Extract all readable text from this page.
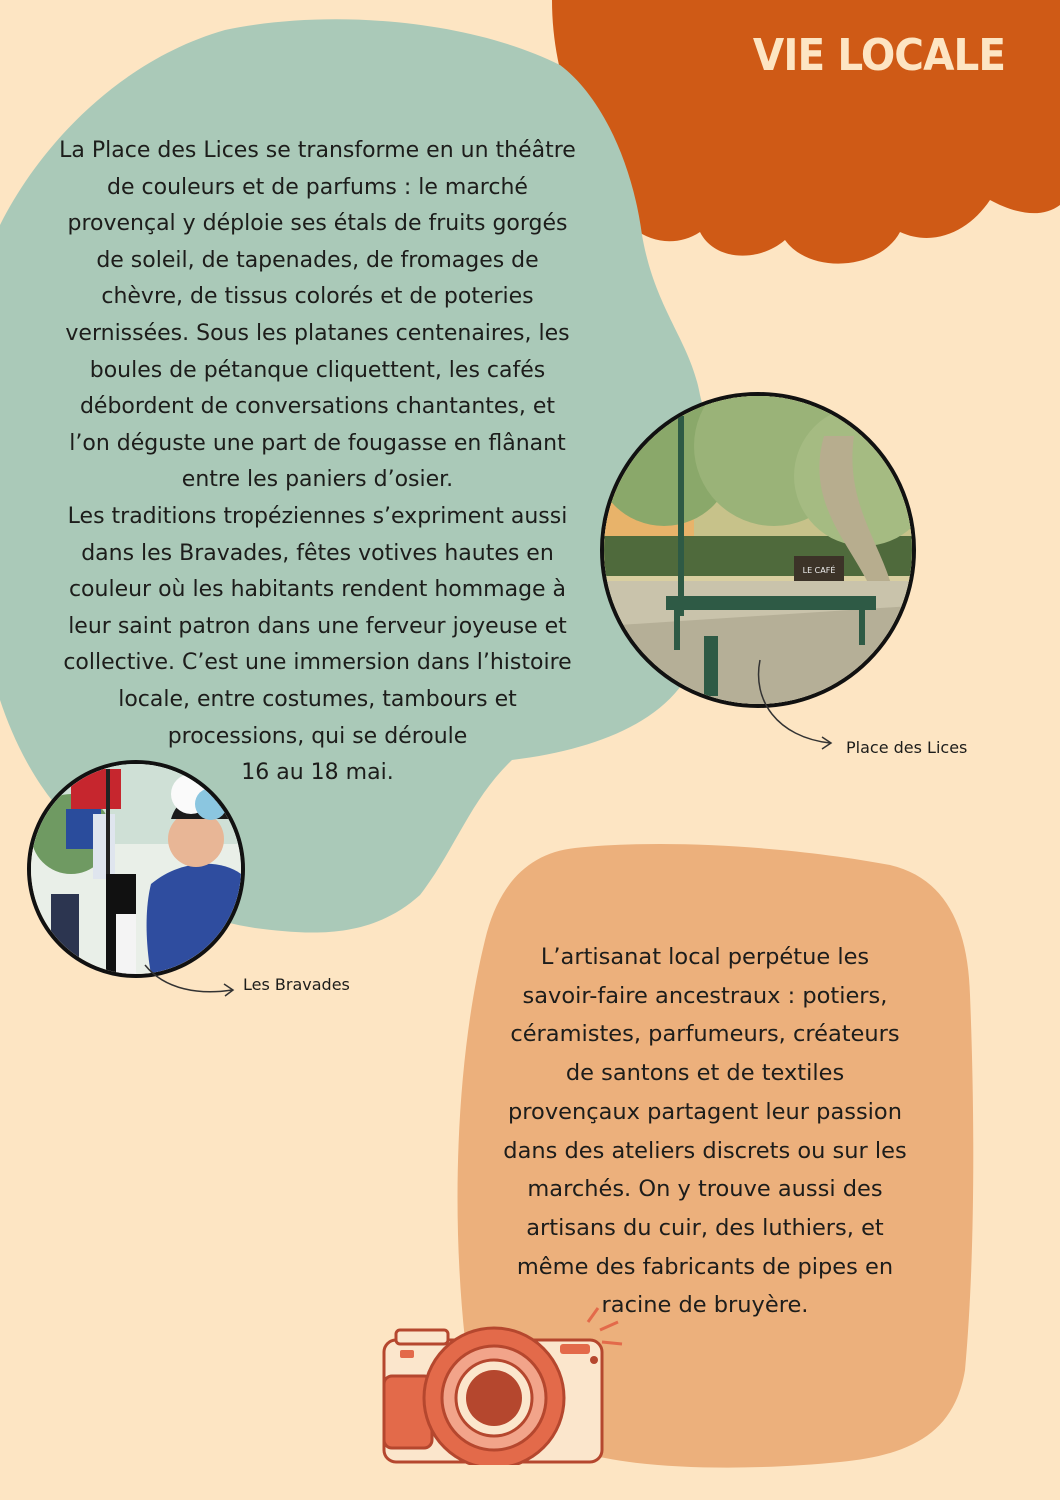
VIE LOCALE

La Place des Lices se transforme en un théâtre de couleurs et de parfums : le marché provençal y déploie ses étals de fruits gorgés de soleil, de tapenades, de fromages de chèvre, de tissus colorés et de poteries vernissées. Sous les platanes centenaires, les boules de pétanque cliquettent, les cafés débordent de conversations chantantes, et l’on déguste une part de fougasse en flânant entre les paniers d’osier.

Les traditions tropéziennes s’expriment aussi dans les Bravades, fêtes votives hautes en couleur où les habitants rendent hommage à leur saint patron dans une ferveur joyeuse et collective. C’est une immersion dans l’histoire locale, entre costumes, tambours et processions, qui se déroule

16 au 18 mai.

LE CAFÉ
Place des Lices
Les Bravades
L’artisanat local perpétue les savoir-faire ancestraux : potiers, céramistes, parfumeurs, créateurs de santons et de textiles provençaux partagent leur passion dans des ateliers discrets ou sur les marchés. On y trouve aussi des artisans du cuir, des luthiers, et même des fabricants de pipes en racine de bruyère.
